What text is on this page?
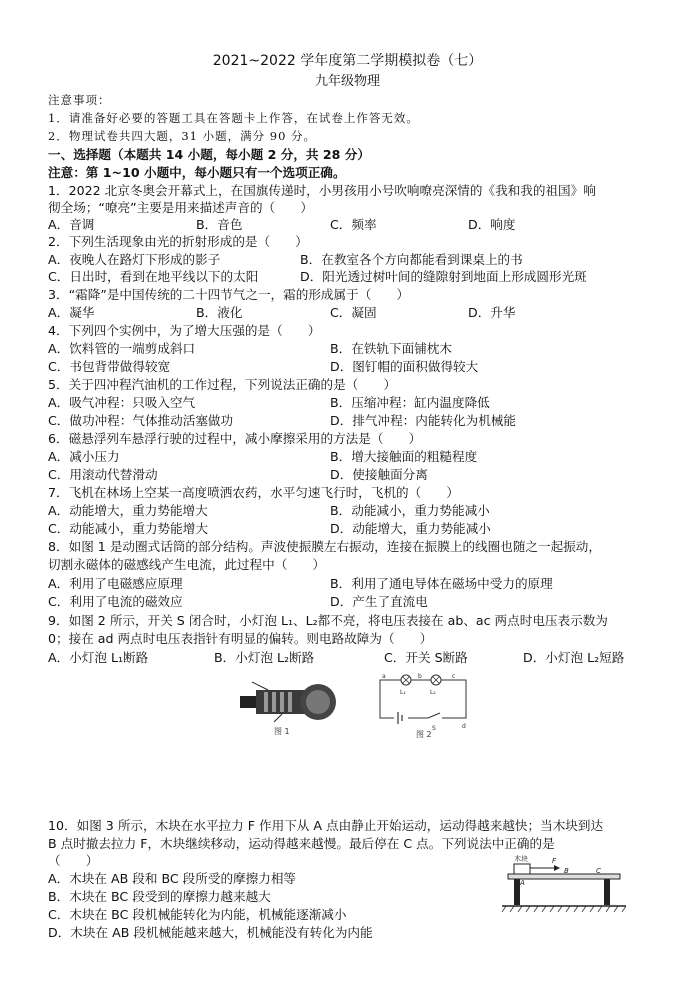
2021~2022 学年度第二学期模拟卷（七）
九年级物理
注意事项：
1．请准备好必要的答题工具在答题卡上作答，在试卷上作答无效。
2．物理试卷共四大题，31 小题，满分 90 分。
一、选择题（本题共 14 小题，每小题 2 分，共 28 分）
注意：第 1~10 小题中，每小题只有一个选项正确。
1．2022 北京冬奥会开幕式上，在国旗传递时，小男孩用小号吹响嘹亮深情的《我和我的祖国》响
彻全场；“嘹亮”主要是用来描述声音的（　　）
A．音调	B．音色	C．频率	D．响度
2．下列生活现象由光的折射形成的是（　　）
A．夜晚人在路灯下形成的影子	B．在教室各个方向都能看到课桌上的书
C．日出时，看到在地平线以下的太阳	D．阳光透过树叶间的缝隙射到地面上形成圆形光斑
3．“霜降”是中国传统的二十四节气之一，霜的形成属于（　　）
A．凝华	B．液化	C．凝固	D．升华
4．下列四个实例中，为了增大压强的是（　　）
A．饮料管的一端剪成斜口	B．在铁轨下面铺枕木
C．书包背带做得较宽	D．图钉帽的面积做得较大
5．关于四冲程汽油机的工作过程，下列说法正确的是（　　）
A．吸气冲程：只吸入空气	B．压缩冲程：缸内温度降低
C．做功冲程：气体推动活塞做功	D．排气冲程：内能转化为机械能
6．磁悬浮列车悬浮行驶的过程中，减小摩擦采用的方法是（　　）
A．减小压力	B．增大接触面的粗糙程度
C．用滚动代替滑动	D．使接触面分离
7．飞机在林场上空某一高度喷洒农药，水平匀速飞行时，飞机的（　　）
A．动能增大，重力势能增大	B．动能减小，重力势能减小
C．动能减小，重力势能增大	D．动能增大，重力势能减小
8．如图 1 是动圈式话筒的部分结构。声波使振膜左右振动，连接在振膜上的线圈也随之一起振动，
切割永磁体的磁感线产生电流，此过程中（　　）
A．利用了电磁感应原理	B．利用了通电导体在磁场中受力的原理
C．利用了电流的磁效应	D．产生了直流电
9．如图 2 所示，开关 S 闭合时，小灯泡 L₁、L₂都不亮，将电压表接在 ab、ac 两点时电压表示数为
0；接在 ad 两点时电压表指针有明显的偏转。则电路故障为（　　）
A．小灯泡 L₁断路	B．小灯泡 L₂断路	C．开关 S断路	D．小灯泡 L₂短路
图 1
L₁	L₂
a	b	c
d
S
图 2
10．如图 3 所示，木块在水平拉力 F 作用下从 A 点由静止开始运动，运动得越来越快；当木块到达
B 点时撤去拉力 F，木块继续移动，运动得越来越慢。最后停在 C 点。下列说法中正确的是
（　　）
A．木块在 AB 段和 BC 段所受的摩擦力相等
B．木块在 BC 段受到的摩擦力越来越大
C．木块在 BC 段机械能转化为内能，机械能逐渐减小
D．木块在 AB 段机械能越来越大，机械能没有转化为内能
木块	F
A
B	C
